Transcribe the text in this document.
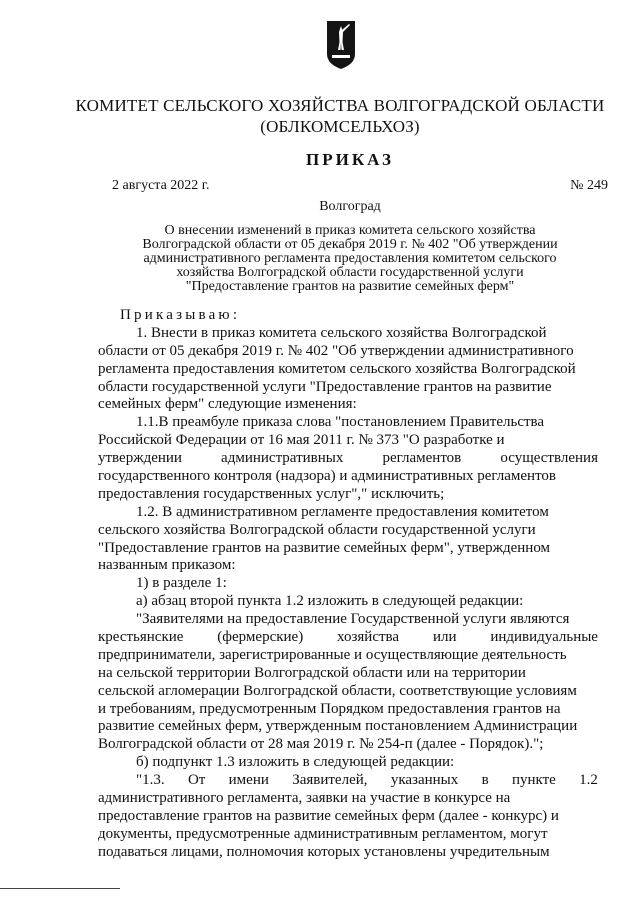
КОМИТЕТ СЕЛЬСКОГО ХОЗЯЙСТВА ВОЛГОГРАДСКОЙ ОБЛАСТИ
(ОБЛКОМСЕЛЬХОЗ)
ПРИКАЗ
2 августа 2022 г.	№ 249
Волгоград
О внесении изменений в приказ комитета сельского хозяйства
Волгоградской области от 05 декабря 2019 г. № 402 "Об утверждении
административного регламента предоставления комитетом сельского
хозяйства Волгоградской области государственной услуги
"Предоставление грантов на развитие семейных ферм"
Приказываю:
1. Внести в приказ комитета сельского хозяйства Волгоградской
области от 05 декабря 2019 г. № 402 "Об утверждении административного
регламента предоставления комитетом сельского хозяйства Волгоградской
области государственной услуги "Предоставление грантов на развитие
семейных ферм" следующие изменения:
1.1.В преамбуле приказа слова "постановлением Правительства
Российской Федерации от 16 мая 2011 г. № 373 "О разработке и
утверждении	административных	регламентов	осуществления
государственного контроля (надзора) и административных регламентов
предоставления государственных услуг"," исключить;
1.2. В административном регламенте предоставления комитетом
сельского хозяйства Волгоградской области государственной услуги
"Предоставление грантов на развитие семейных ферм", утвержденном
названным приказом:
1) в разделе 1:
а) абзац второй пункта 1.2 изложить в следующей редакции:
"Заявителями на предоставление Государственной услуги являются
крестьянские (фермерские) хозяйства или индивидуальные
предприниматели, зарегистрированные и осуществляющие деятельность
на сельской территории Волгоградской области или на территории
сельской агломерации Волгоградской области, соответствующие условиям
и требованиям, предусмотренным Порядком предоставления грантов на
развитие семейных ферм, утвержденным постановлением Администрации
Волгоградской области от 28 мая 2019 г. № 254-п (далее - Порядок).";
б) подпункт 1.3 изложить в следующей редакции:
"1.3. От имени Заявителей, указанных в пункте 1.2
административного регламента, заявки на участие в конкурсе на
предоставление грантов на развитие семейных ферм (далее - конкурс) и
документы, предусмотренные административным регламентом, могут
подаваться лицами, полномочия которых установлены учредительным
